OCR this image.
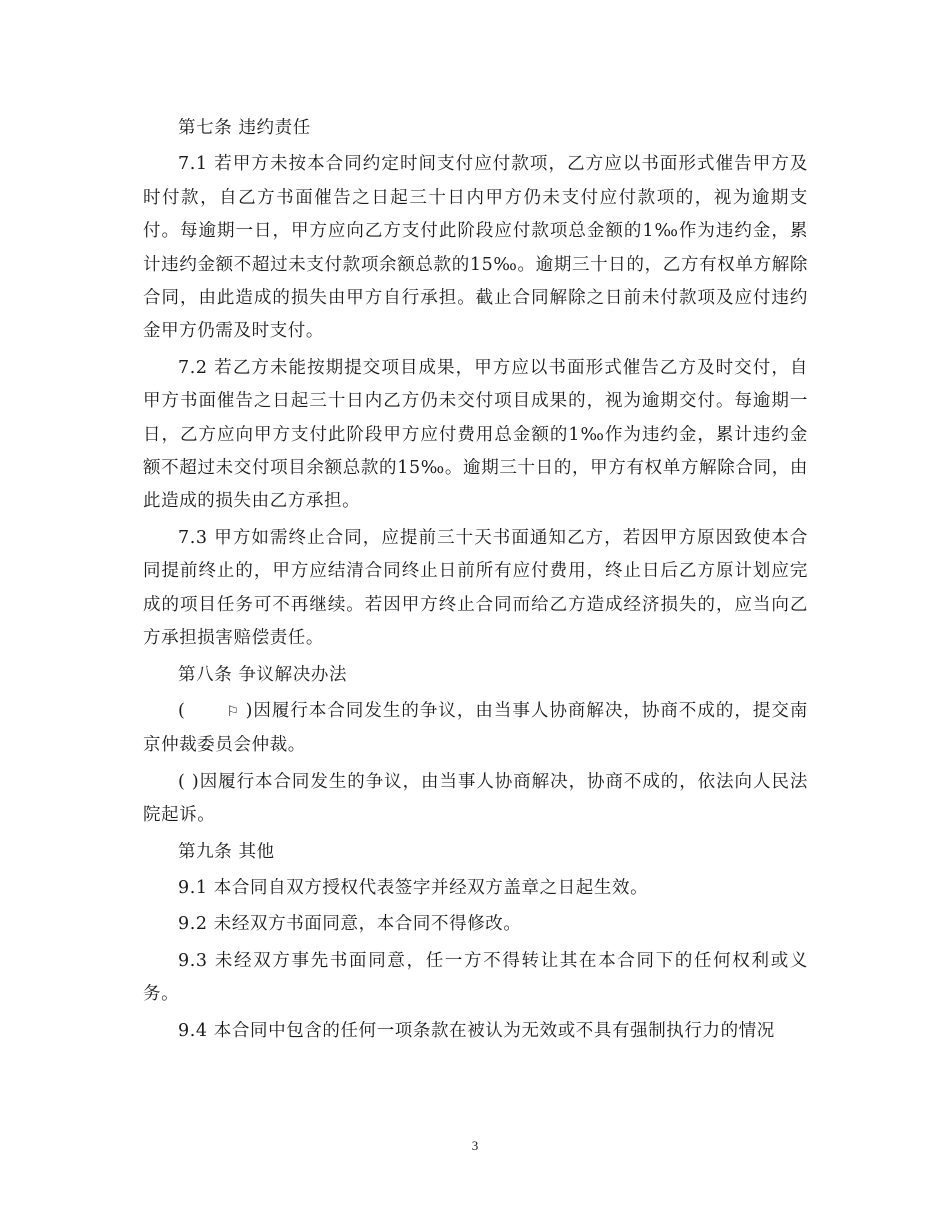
第七条 违约责任

7.1 若甲方未按本合同约定时间支付应付款项，乙方应以书面形式催告甲方及时付款，自乙方书面催告之日起三十日内甲方仍未支付应付款项的，视为逾期支付。每逾期一日，甲方应向乙方支付此阶段应付款项总金额的1‰作为违约金，累计违约金额不超过未支付款项余额总款的15‰。逾期三十日的，乙方有权单方解除合同，由此造成的损失由甲方自行承担。截止合同解除之日前未付款项及应付违约金甲方仍需及时支付。

7.2 若乙方未能按期提交项目成果，甲方应以书面形式催告乙方及时交付，自甲方书面催告之日起三十日内乙方仍未交付项目成果的，视为逾期交付。每逾期一日，乙方应向甲方支付此阶段甲方应付费用总金额的1‰作为违约金，累计违约金额不超过未交付项目余额总款的15‰。逾期三十日的，甲方有权单方解除合同，由此造成的损失由乙方承担。

7.3 甲方如需终止合同，应提前三十天书面通知乙方，若因甲方原因致使本合同提前终止的，甲方应结清合同终止日前所有应付费用，终止日后乙方原计划应完成的项目任务可不再继续。若因甲方终止合同而给乙方造成经济损失的，应当向乙方承担损害赔偿责任。

第八条 争议解决办法

(	⚐ )因履行本合同发生的争议，由当事人协商解决，协商不成的，提交南京仲裁委员会仲裁。

( )因履行本合同发生的争议，由当事人协商解决，协商不成的，依法向人民法院起诉。

第九条 其他

9.1 本合同自双方授权代表签字并经双方盖章之日起生效。

9.2 未经双方书面同意，本合同不得修改。

9.3 未经双方事先书面同意，任一方不得转让其在本合同下的任何权利或义务。

9.4 本合同中包含的任何一项条款在被认为无效或不具有强制执行力的情况

3
